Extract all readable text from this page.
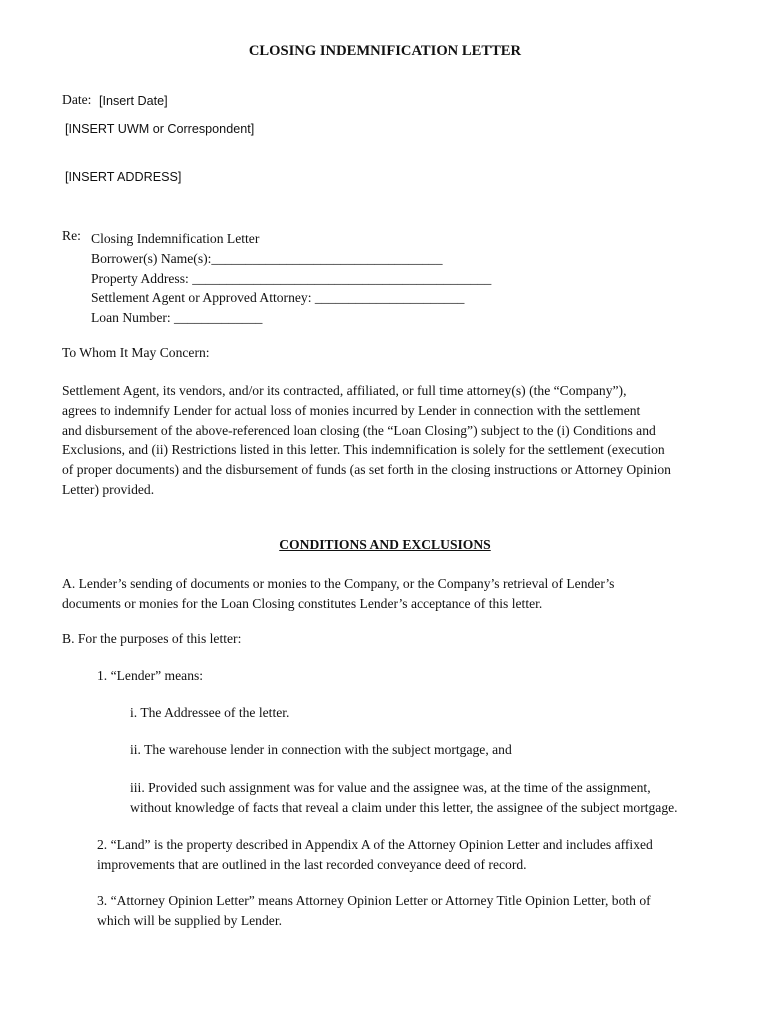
CLOSING INDEMNIFICATION LETTER
Date: [Insert Date]
[INSERT UWM or Correspondent]
[INSERT ADDRESS]
Re: Closing Indemnification Letter
Borrower(s) Name(s):__________________________________
Property Address: ____________________________________________
Settlement Agent or Approved Attorney: ______________________
Loan Number: _____________
To Whom It May Concern:
Settlement Agent, its vendors, and/or its contracted, affiliated, or full time attorney(s) (the “Company”),
agrees to indemnify Lender for actual loss of monies incurred by Lender in connection with the settlement
and disbursement of the above-referenced loan closing (the “Loan Closing”) subject to the (i) Conditions and
Exclusions, and (ii) Restrictions listed in this letter. This indemnification is solely for the settlement (execution
of proper documents) and the disbursement of funds (as set forth in the closing instructions or Attorney Opinion
Letter) provided.
CONDITIONS AND EXCLUSIONS
A. Lender’s sending of documents or monies to the Company, or the Company’s retrieval of Lender’s
documents or monies for the Loan Closing constitutes Lender’s acceptance of this letter.
B. For the purposes of this letter:
1. “Lender” means:
i. The Addressee of the letter.
ii. The warehouse lender in connection with the subject mortgage, and
iii. Provided such assignment was for value and the assignee was, at the time of the assignment,
without knowledge of facts that reveal a claim under this letter, the assignee of the subject mortgage.
2. “Land” is the property described in Appendix A of the Attorney Opinion Letter and includes affixed
improvements that are outlined in the last recorded conveyance deed of record.
3. “Attorney Opinion Letter” means Attorney Opinion Letter or Attorney Title Opinion Letter, both of
which will be supplied by Lender.
